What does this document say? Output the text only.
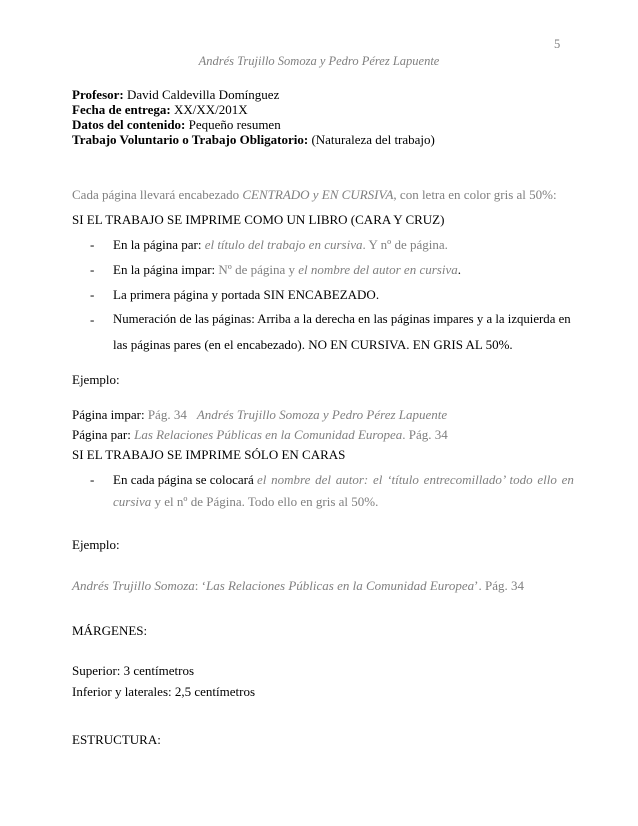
5
Andrés Trujillo Somoza y Pedro Pérez Lapuente
Profesor: David Caldevilla Domínguez
Fecha de entrega: XX/XX/201X
Datos del contenido: Pequeño resumen
Trabajo Voluntario o Trabajo Obligatorio: (Naturaleza del trabajo)
Cada página llevará encabezado CENTRADO y EN CURSIVA, con letra en color gris al 50%:
SI EL TRABAJO SE IMPRIME COMO UN LIBRO (CARA Y CRUZ)
- En la página par: el título del trabajo en cursiva. Y nº de página.
- En la página impar: Nº de página y el nombre del autor en cursiva.
- La primera página y portada SIN ENCABEZADO.
- Numeración de las páginas: Arriba a la derecha en las páginas impares y a la izquierda en
las páginas pares (en el encabezado). NO EN CURSIVA. EN GRIS AL 50%.
Ejemplo:
Página impar: Pág. 34 Andrés Trujillo Somoza y Pedro Pérez Lapuente
Página par: Las Relaciones Públicas en la Comunidad Europea. Pág. 34
SI EL TRABAJO SE IMPRIME SÓLO EN CARAS
- En cada página se colocará el nombre del autor: el ‘título entrecomillado’ todo ello en
cursiva y el nº de Página. Todo ello en gris al 50%.
Ejemplo:
Andrés Trujillo Somoza: ‘Las Relaciones Públicas en la Comunidad Europea’. Pág. 34
MÁRGENES:
Superior: 3 centímetros
Inferior y laterales: 2,5 centímetros
ESTRUCTURA:
